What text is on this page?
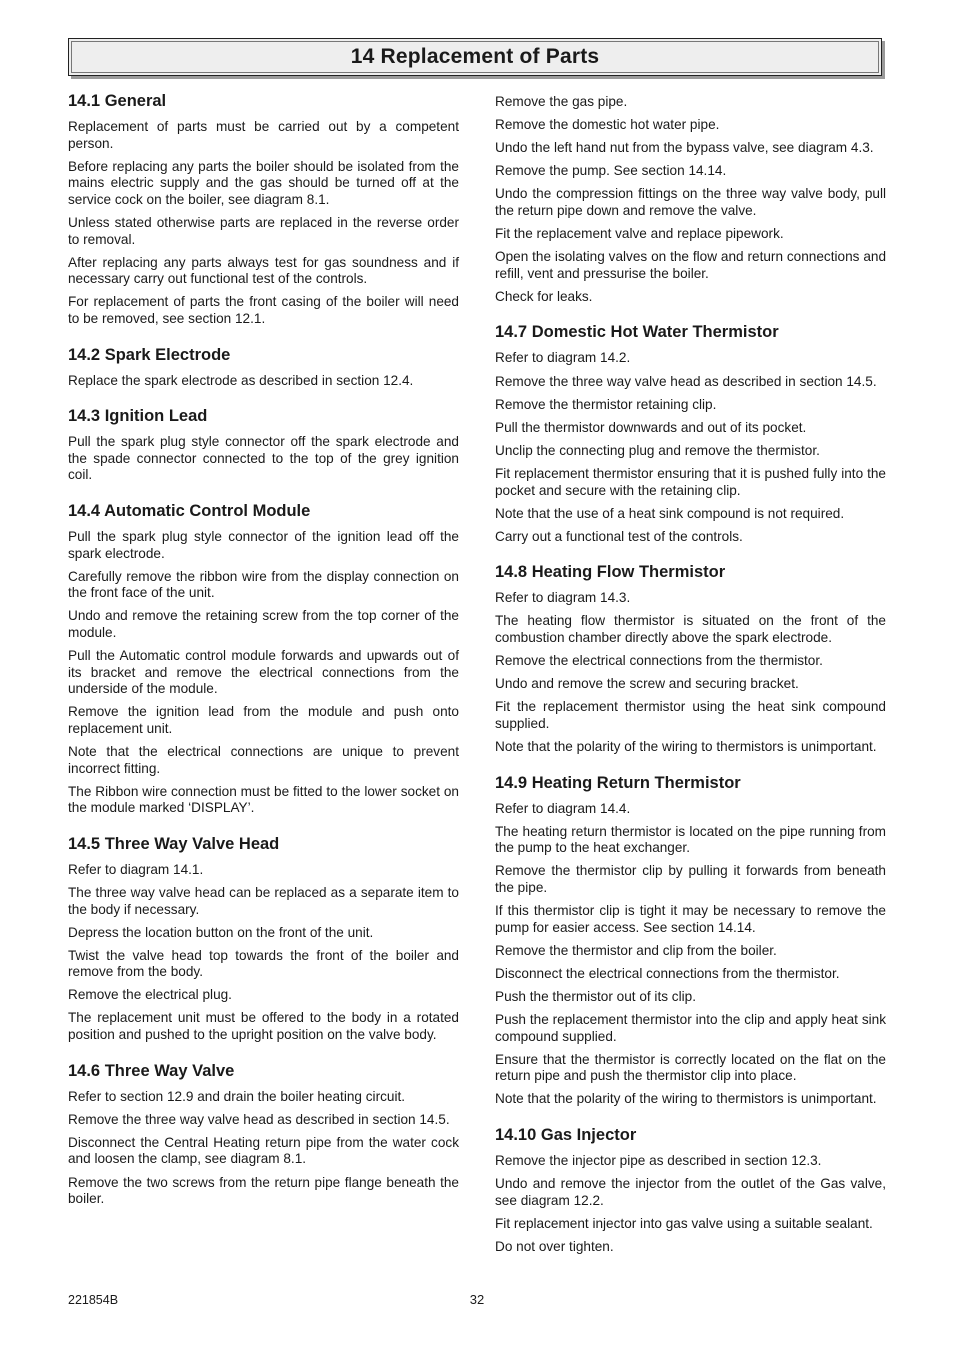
14 Replacement of Parts
14.1 General

Replacement of parts must be carried out by a competent person.

Before replacing any parts the boiler should be isolated from the mains electric supply and the gas should be turned off at the service cock on the boiler, see diagram 8.1.

Unless stated otherwise parts are replaced in the reverse order to removal.

After replacing any parts always test for gas soundness and if necessary carry out functional test of the controls.

For replacement of parts the front casing of the boiler will need to be removed, see section 12.1.

14.2 Spark Electrode

Replace the spark electrode as described in section 12.4.

14.3 Ignition Lead

Pull the spark plug style connector off the spark electrode and the spade connector connected to the top of the grey ignition coil.

14.4 Automatic Control Module

Pull the spark plug style connector of the ignition lead off the spark electrode.

Carefully remove the ribbon wire from the display connection on the front face of the unit.

Undo and remove the retaining screw from the top corner of the module.

Pull the Automatic control module forwards and upwards out of its bracket and remove the electrical connections from the underside of the module.

Remove the ignition lead from the module and push onto replacement unit.

Note that the electrical connections are unique to prevent incorrect fitting.

The Ribbon wire connection must be fitted to the lower socket on the module marked ‘DISPLAY’.

14.5 Three Way Valve Head

Refer to diagram 14.1.

The three way valve head can be replaced as a separate item to the body if necessary.

Depress the location button on the front of the unit.

Twist the valve head top towards the front of the boiler and remove from the body.

Remove the electrical plug.

The replacement unit must be offered to the body in a rotated position and pushed to the upright position on the valve body.

14.6 Three Way Valve

Refer to section 12.9 and drain the boiler heating circuit.

Remove the three way valve head as described in section 14.5.

Disconnect the Central Heating return pipe from the water cock and loosen the clamp, see diagram 8.1.

Remove the two screws from the return pipe flange beneath the boiler.

Remove the gas pipe.

Remove the domestic hot water pipe.

Undo the left hand nut from the bypass valve, see diagram 4.3.

Remove the pump. See section 14.14.

Undo the compression fittings on the three way valve body, pull the return pipe down and remove the valve.

Fit the replacement valve and replace pipework.

Open the isolating valves on the flow and return connections and refill, vent and pressurise the boiler.

Check for leaks.

14.7 Domestic Hot Water Thermistor

Refer to diagram 14.2.

Remove the three way valve head as described in section 14.5.

Remove the thermistor retaining clip.

Pull the thermistor downwards and out of its pocket.

Unclip the connecting plug and remove the thermistor.

Fit replacement thermistor ensuring that it is pushed fully into the pocket and secure with the retaining clip.

Note that the use of a heat sink compound is not required.

Carry out a functional test of the controls.

14.8 Heating Flow Thermistor

Refer to diagram 14.3.

The heating flow thermistor is situated on the front of the combustion chamber directly above the spark electrode.

Remove the electrical connections from the thermistor.

Undo and remove the screw and securing bracket.

Fit the replacement thermistor using the heat sink compound supplied.

Note that the polarity of the wiring to thermistors is unimportant.

14.9 Heating Return Thermistor

Refer to diagram 14.4.

The heating return thermistor is located on the pipe running from the pump to the heat exchanger.

Remove the thermistor clip by pulling it forwards from beneath the pipe.

If this thermistor clip is tight it may be necessary to remove the pump for easier access. See section 14.14.

Remove the thermistor and clip from the boiler.

Disconnect the electrical connections from the thermistor.

Push the thermistor out of its clip.

Push the replacement thermistor into the clip and apply heat sink compound supplied.

Ensure that the thermistor is correctly located on the flat on the return pipe and push the thermistor clip into place.

Note that the polarity of the wiring to thermistors is unimportant.

14.10 Gas Injector

Remove the injector pipe as described in section 12.3.

Undo and remove the injector from the outlet of the Gas valve, see diagram 12.2.

Fit replacement injector into gas valve using a suitable sealant.

Do not over tighten.

221854B	32
